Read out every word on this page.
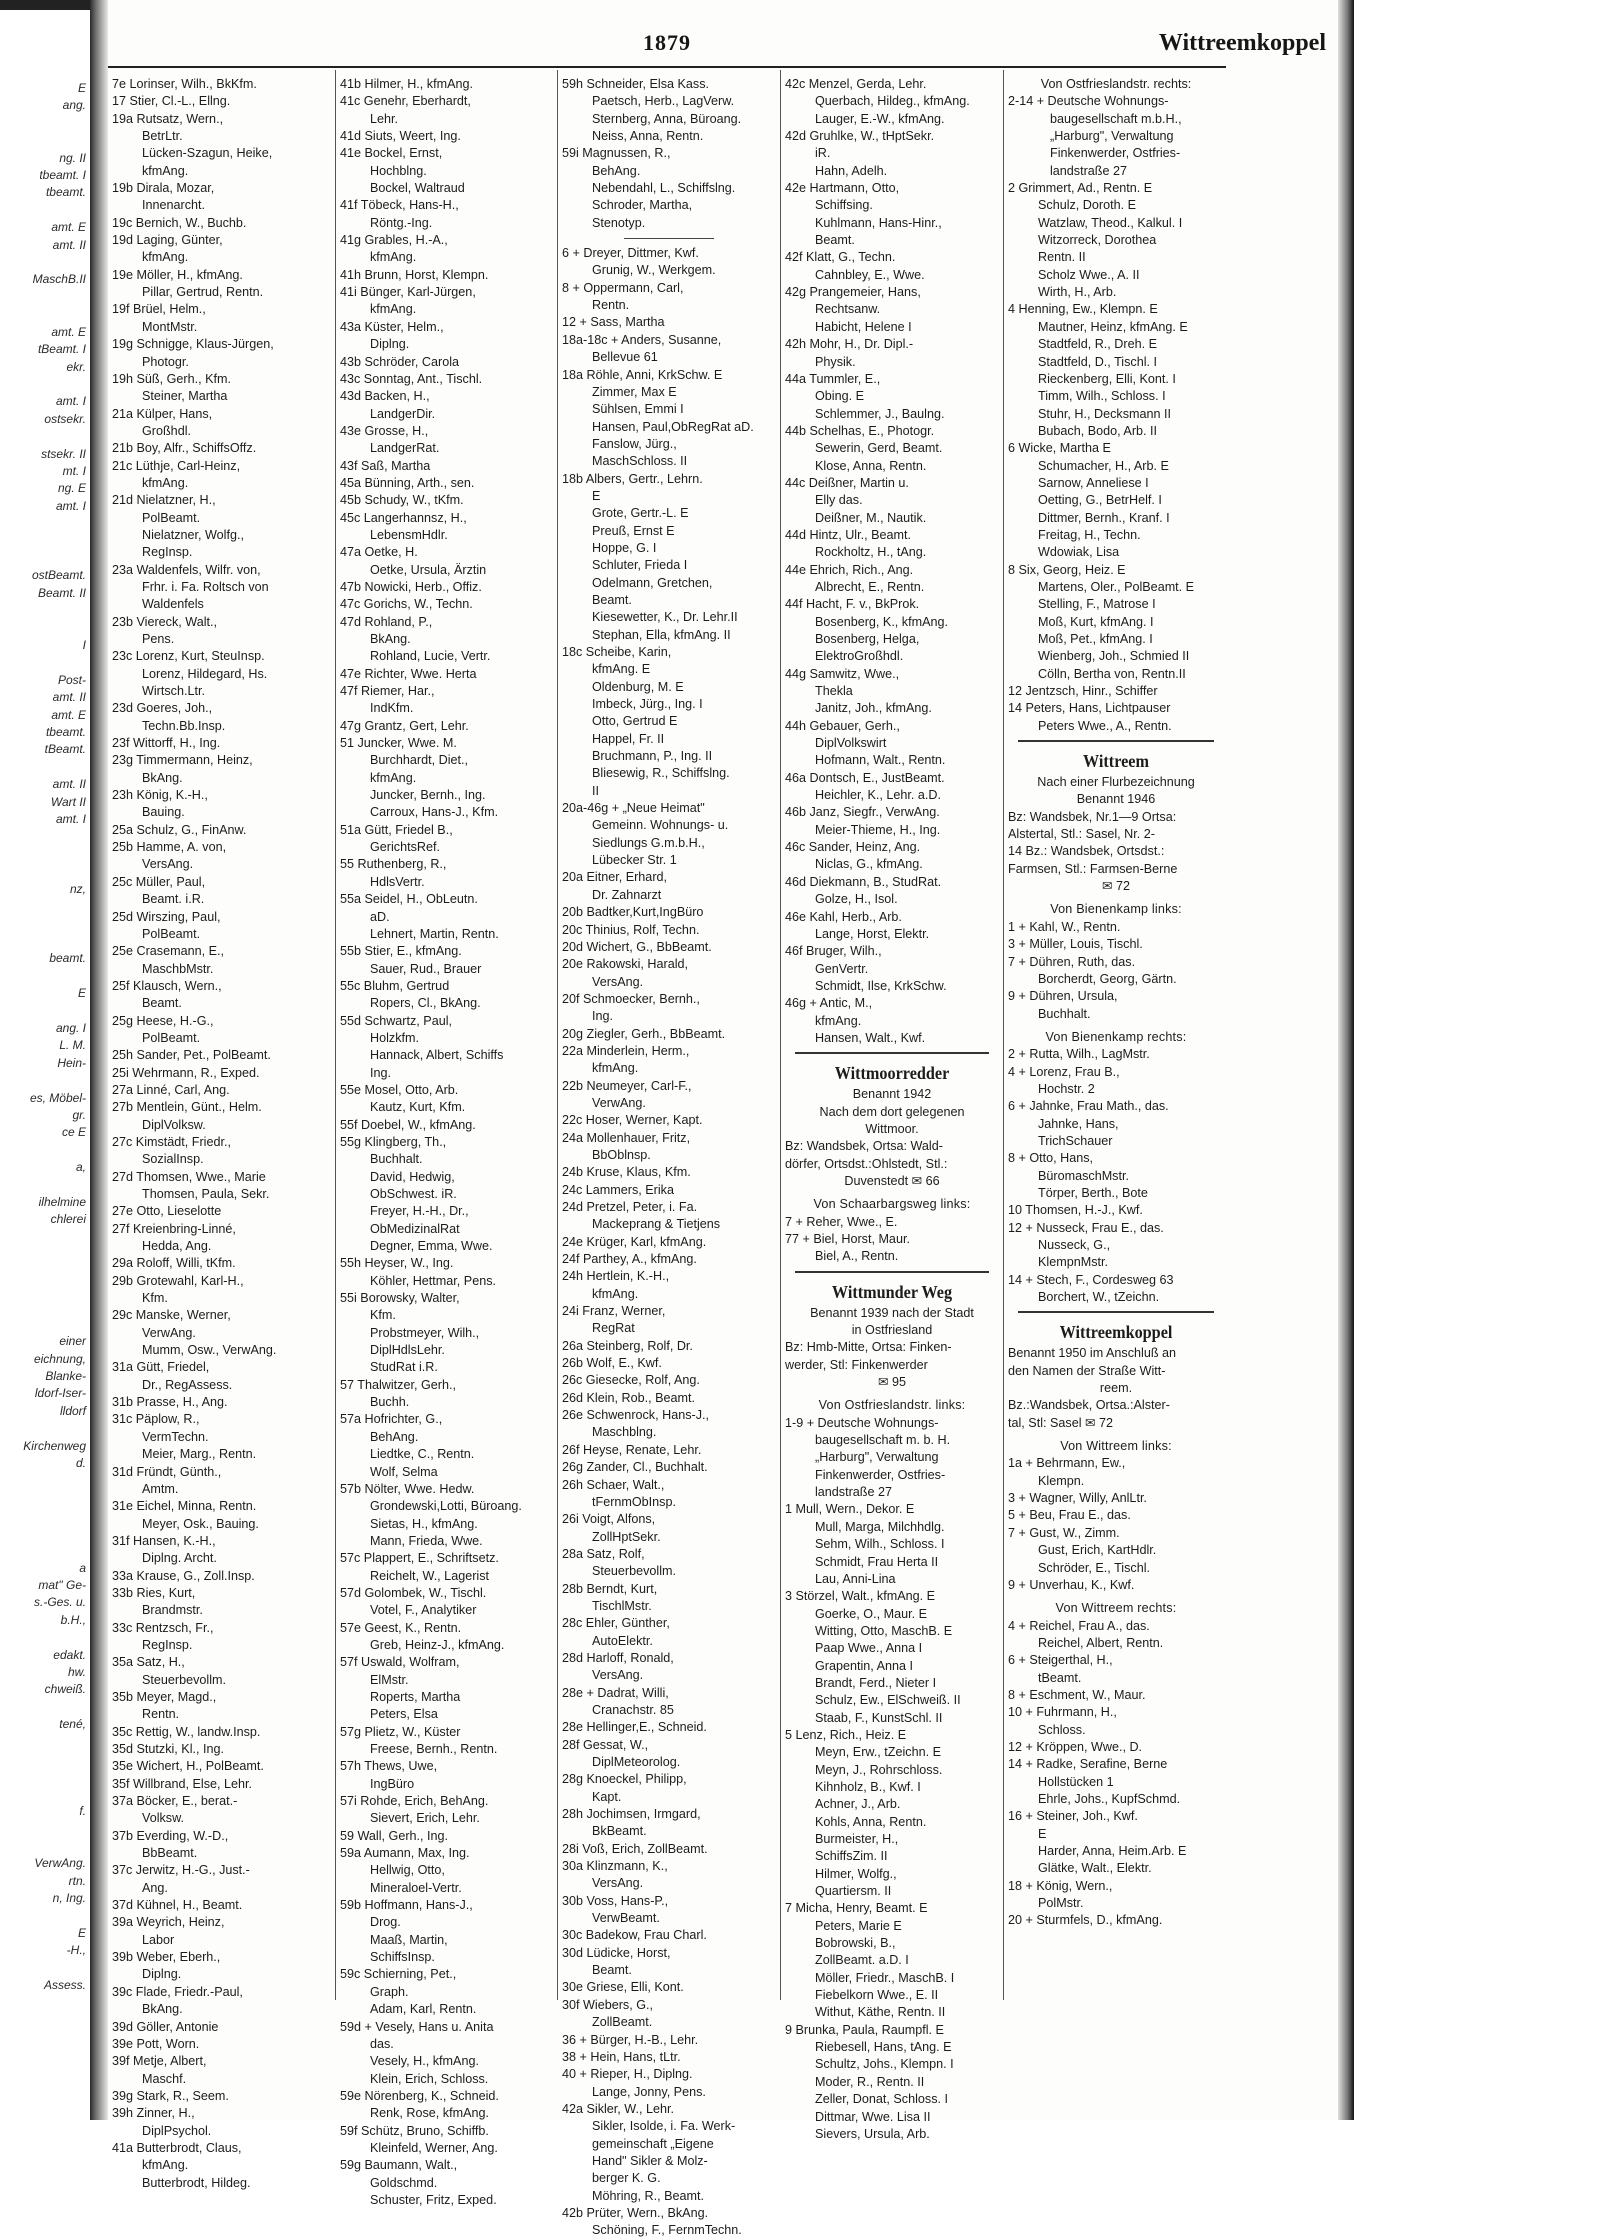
E
ang.

ng. II
tbeamt. I
tbeamt.

amt. E
amt. II

MaschB.II

amt. E
tBeamt. I
ekr.

amt. I
ostsekr.

stsekr. II
mt. I
ng. E
amt. I

ostBeamt.
Beamt. II

I

Post-
amt. II
amt. E
tbeamt.
tBeamt.

amt. II
Wart II
amt. I

nz,

beamt.

E

ang. I
L. M.
Hein-

es, Möbel-
gr.
ce E

a,

ilhelmine
chlerei

einer
eichnung,
Blanke-
ldorf-Iser-
lldorf

Kirchenweg
d.

a
mat" Ge-
s.-Ges. u.
b.H.,

edakt.
hw.
chweiß.

tené,

f.

VerwAng.
rtn.
n, Ing.

E
-H.,

Assess.
1879	Wittreemkoppel
7e Lorinser, Wilh., BkKfm.
17 Stier, Cl.-L., Ellng.
19a Rutsatz, Wern.,
BetrLtr.
Lücken-Szagun, Heike,
kfmAng.
19b Dirala, Mozar,
Innenarcht.
19c Bernich, W., Buchb.
19d Laging, Günter,
kfmAng.
19e Möller, H., kfmAng.
Pillar, Gertrud, Rentn.
19f Brüel, Helm.,
MontMstr.
19g Schnigge, Klaus-Jürgen,
Photogr.
19h Süß, Gerh., Kfm.
Steiner, Martha
21a Külper, Hans,
Großhdl.
21b Boy, Alfr., SchiffsOffz.
21c Lüthje, Carl-Heinz,
kfmAng.
21d Nielatzner, H.,
PolBeamt.
Nielatzner, Wolfg.,
RegInsp.
23a Waldenfels, Wilfr. von,
Frhr. i. Fa. Roltsch von
Waldenfels
23b Viereck, Walt.,
Pens.
23c Lorenz, Kurt, SteuInsp.
Lorenz, Hildegard, Hs.
Wirtsch.Ltr.
23d Goeres, Joh.,
Techn.Bb.Insp.
23f Wittorff, H., Ing.
23g Timmermann, Heinz,
BkAng.
23h König, K.-H.,
Bauing.
25a Schulz, G., FinAnw.
25b Hamme, A. von,
VersAng.
25c Müller, Paul,
Beamt. i.R.
25d Wirszing, Paul,
PolBeamt.
25e Crasemann, E.,
MaschbMstr.
25f Klausch, Wern.,
Beamt.
25g Heese, H.-G.,
PolBeamt.
25h Sander, Pet., PolBeamt.
25i Wehrmann, R., Exped.
27a Linné, Carl, Ang.
27b Mentlein, Günt., Helm.
DiplVolksw.
27c Kimstädt, Friedr.,
SozialInsp.
27d Thomsen, Wwe., Marie
Thomsen, Paula, Sekr.
27e Otto, Lieselotte
27f Kreienbring-Linné,
Hedda, Ang.
29a Roloff, Willi, tKfm.
29b Grotewahl, Karl-H.,
Kfm.
29c Manske, Werner,
VerwAng.
Mumm, Osw., VerwAng.
31a Gütt, Friedel,
Dr., RegAssess.
31b Prasse, H., Ang.
31c Päplow, R.,
VermTechn.
Meier, Marg., Rentn.
31d Fründt, Günth.,
Amtm.
31e Eichel, Minna, Rentn.
Meyer, Osk., Bauing.
31f Hansen, K.-H.,
Diplng. Archt.
33a Krause, G., Zoll.Insp.
33b Ries, Kurt,
Brandmstr.
33c Rentzsch, Fr.,
RegInsp.
35a Satz, H.,
Steuerbevollm.
35b Meyer, Magd.,
Rentn.
35c Rettig, W., landw.Insp.
35d Stutzki, Kl., Ing.
35e Wichert, H., PolBeamt.
35f Willbrand, Else, Lehr.
37a Böcker, E., berat.-
Volksw.
37b Everding, W.-D.,
BbBeamt.
37c Jerwitz, H.-G., Just.-
Ang.
37d Kühnel, H., Beamt.
39a Weyrich, Heinz,
Labor
39b Weber, Eberh.,
Diplng.
39c Flade, Friedr.-Paul,
BkAng.
39d Göller, Antonie
39e Pott, Worn.
39f Metje, Albert,
Maschf.
39g Stark, R., Seem.
39h Zinner, H.,
DiplPsychol.
41a Butterbrodt, Claus,
kfmAng.
Butterbrodt, Hildeg.
41b Hilmer, H., kfmAng.
41c Genehr, Eberhardt,
Lehr.
41d Siuts, Weert, Ing.
41e Bockel, Ernst,
Hochblng.
Bockel, Waltraud
41f Töbeck, Hans-H.,
Röntg.-Ing.
41g Grables, H.-A.,
kfmAng.
41h Brunn, Horst, Klempn.
41i Bünger, Karl-Jürgen,
kfmAng.
43a Küster, Helm.,
Diplng.
43b Schröder, Carola
43c Sonntag, Ant., Tischl.
43d Backen, H.,
LandgerDir.
43e Grosse, H.,
LandgerRat.
43f Saß, Martha
45a Bünning, Arth., sen.
45b Schudy, W., tKfm.
45c Langerhannsz, H.,
LebensmHdlr.
47a Oetke, H.
Oetke, Ursula, Ärztin
47b Nowicki, Herb., Offiz.
47c Gorichs, W., Techn.
47d Rohland, P.,
BkAng.
Rohland, Lucie, Vertr.
47e Richter, Wwe. Herta
47f Riemer, Har.,
IndKfm.
47g Grantz, Gert, Lehr.
51 Juncker, Wwe. M.
Burchhardt, Diet.,
kfmAng.
Juncker, Bernh., Ing.
Carroux, Hans-J., Kfm.
51a Gütt, Friedel B.,
GerichtsRef.
55 Ruthenberg, R.,
HdlsVertr.
55a Seidel, H., ObLeutn.
aD.
Lehnert, Martin, Rentn.
55b Stier, E., kfmAng.
Sauer, Rud., Brauer
55c Bluhm, Gertrud
Ropers, Cl., BkAng.
55d Schwartz, Paul,
Holzkfm.
Hannack, Albert, Schiffs
Ing.
55e Mosel, Otto, Arb.
Kautz, Kurt, Kfm.
55f Doebel, W., kfmAng.
55g Klingberg, Th.,
Buchhalt.
David, Hedwig,
ObSchwest. iR.
Freyer, H.-H., Dr.,
ObMedizinalRat
Degner, Emma, Wwe.
55h Heyser, W., Ing.
Köhler, Hettmar, Pens.
55i Borowsky, Walter,
Kfm.
Probstmeyer, Wilh.,
DiplHdlsLehr.
StudRat i.R.
57 Thalwitzer, Gerh.,
Buchh.
57a Hofrichter, G.,
BehAng.
Liedtke, C., Rentn.
Wolf, Selma
57b Nölter, Wwe. Hedw.
Grondewski,Lotti, Büroang.
Sietas, H., kfmAng.
Mann, Frieda, Wwe.
57c Plappert, E., Schriftsetz.
Reichelt, W., Lagerist
57d Golombek, W., Tischl.
Votel, F., Analytiker
57e Geest, K., Rentn.
Greb, Heinz-J., kfmAng.
57f Uswald, Wolfram,
ElMstr.
Roperts, Martha
Peters, Elsa
57g Plietz, W., Küster
Freese, Bernh., Rentn.
57h Thews, Uwe,
IngBüro
57i Rohde, Erich, BehAng.
Sievert, Erich, Lehr.
59 Wall, Gerh., Ing.
59a Aumann, Max, Ing.
Hellwig, Otto,
Mineraloel-Vertr.
59b Hoffmann, Hans-J.,
Drog.
Maaß, Martin,
SchiffsInsp.
59c Schierning, Pet.,
Graph.
Adam, Karl, Rentn.
59d + Vesely, Hans u. Anita
das.
Vesely, H., kfmAng.
Klein, Erich, Schloss.
59e Nörenberg, K., Schneid.
Renk, Rose, kfmAng.
59f Schütz, Bruno, Schiffb.
Kleinfeld, Werner, Ang.
59g Baumann, Walt.,
Goldschmd.
Schuster, Fritz, Exped.
59h Schneider, Elsa Kass.
Paetsch, Herb., LagVerw.
Sternberg, Anna, Büroang.
Neiss, Anna, Rentn.
59i Magnussen, R.,
BehAng.
Nebendahl, L., Schiffslng.
Schroder, Martha,
Stenotyp.
6 + Dreyer, Dittmer, Kwf.
Grunig, W., Werkgem.
8 + Oppermann, Carl,
Rentn.
12 + Sass, Martha
18a-18c + Anders, Susanne,
Bellevue 61
18a Röhle, Anni, KrkSchw. E
Zimmer, Max E
Sühlsen, Emmi I
Hansen, Paul,ObRegRat aD.
Fanslow, Jürg.,
MaschSchloss. II
18b Albers, Gertr., Lehrn.
E
Grote, Gertr.-L. E
Preuß, Ernst E
Hoppe, G. I
Schluter, Frieda I
Odelmann, Gretchen,
Beamt.
Kiesewetter, K., Dr. Lehr.II
Stephan, Ella, kfmAng. II
18c Scheibe, Karin,
kfmAng. E
Oldenburg, M. E
Imbeck, Jürg., Ing. I
Otto, Gertrud E
Happel, Fr. II
Bruchmann, P., Ing. II
Bliesewig, R., Schiffslng.
II
20a-46g + „Neue Heimat"
Gemeinn. Wohnungs- u.
Siedlungs G.m.b.H.,
Lübecker Str. 1
20a Eitner, Erhard,
Dr. Zahnarzt
20b Badtker,Kurt,IngBüro
20c Thinius, Rolf, Techn.
20d Wichert, G., BbBeamt.
20e Rakowski, Harald,
VersAng.
20f Schmoecker, Bernh.,
Ing.
20g Ziegler, Gerh., BbBeamt.
22a Minderlein, Herm.,
kfmAng.
22b Neumeyer, Carl-F.,
VerwAng.
22c Hoser, Werner, Kapt.
24a Mollenhauer, Fritz,
BbOblnsp.
24b Kruse, Klaus, Kfm.
24c Lammers, Erika
24d Pretzel, Peter, i. Fa.
Mackeprang & Tietjens
24e Krüger, Karl, kfmAng.
24f Parthey, A., kfmAng.
24h Hertlein, K.-H.,
kfmAng.
24i Franz, Werner,
RegRat
26a Steinberg, Rolf, Dr.
26b Wolf, E., Kwf.
26c Giesecke, Rolf, Ang.
26d Klein, Rob., Beamt.
26e Schwenrock, Hans-J.,
Maschblng.
26f Heyse, Renate, Lehr.
26g Zander, Cl., Buchhalt.
26h Schaer, Walt.,
tFernmObInsp.
26i Voigt, Alfons,
ZollHptSekr.
28a Satz, Rolf,
Steuerbevollm.
28b Berndt, Kurt,
TischlMstr.
28c Ehler, Günther,
AutoElektr.
28d Harloff, Ronald,
VersAng.
28e + Dadrat, Willi,
Cranachstr. 85
28e Hellinger,E., Schneid.
28f Gessat, W.,
DiplMeteorolog.
28g Knoeckel, Philipp,
Kapt.
28h Jochimsen, Irmgard,
BkBeamt.
28i Voß, Erich, ZollBeamt.
30a Klinzmann, K.,
VersAng.
30b Voss, Hans-P.,
VerwBeamt.
30c Badekow, Frau Charl.
30d Lüdicke, Horst,
Beamt.
30e Griese, Elli, Kont.
30f Wiebers, G.,
ZollBeamt.
36 + Bürger, H.-B., Lehr.
38 + Hein, Hans, tLtr.
40 + Rieper, H., Diplng.
Lange, Jonny, Pens.
42a Sikler, W., Lehr.
Sikler, Isolde, i. Fa. Werk-
gemeinschaft „Eigene
Hand" Sikler & Molz-
berger K. G.
Möhring, R., Beamt.
42b Prüter, Wern., BkAng.
Schöning, F., FernmTechn.
42c Menzel, Gerda, Lehr.
Querbach, Hildeg., kfmAng.
Lauger, E.-W., kfmAng.
42d Gruhlke, W., tHptSekr.
iR.
Hahn, Adelh.
42e Hartmann, Otto,
Schiffsing.
Kuhlmann, Hans-Hinr.,
Beamt.
42f Klatt, G., Techn.
Cahnbley, E., Wwe.
42g Prangemeier, Hans,
Rechtsanw.
Habicht, Helene I
42h Mohr, H., Dr. Dipl.-
Physik.
44a Tummler, E.,
Obing. E
Schlemmer, J., Baulng.
44b Schelhas, E., Photogr.
Sewerin, Gerd, Beamt.
Klose, Anna, Rentn.
44c Deißner, Martin u.
Elly das.
Deißner, M., Nautik.
44d Hintz, Ulr., Beamt.
Rockholtz, H., tAng.
44e Ehrich, Rich., Ang.
Albrecht, E., Rentn.
44f Hacht, F. v., BkProk.
Bosenberg, K., kfmAng.
Bosenberg, Helga,
ElektroGroßhdl.
44g Samwitz, Wwe.,
Thekla
Janitz, Joh., kfmAng.
44h Gebauer, Gerh.,
DiplVolkswirt
Hofmann, Walt., Rentn.
46a Dontsch, E., JustBeamt.
Heichler, K., Lehr. a.D.
46b Janz, Siegfr., VerwAng.
Meier-Thieme, H., Ing.
46c Sander, Heinz, Ang.
Niclas, G., kfmAng.
46d Diekmann, B., StudRat.
Golze, H., Isol.
46e Kahl, Herb., Arb.
Lange, Horst, Elektr.
46f Bruger, Wilh.,
GenVertr.
Schmidt, Ilse, KrkSchw.
46g + Antic, M.,
kfmAng.
Hansen, Walt., Kwf.
Wittmoorredder
Benannt 1942
Nach dem dort gelegenen
Wittmoor.
Bz: Wandsbek, Ortsa: Wald-
dörfer, Ortsdst.:Ohlstedt, Stl.:
Duvenstedt ✉ 66
Von Schaarbargsweg links:
7 + Reher, Wwe., E.
77 + Biel, Horst, Maur.
Biel, A., Rentn.
Wittmunder Weg
Benannt 1939 nach der Stadt
in Ostfriesland
Bz: Hmb-Mitte, Ortsa: Finken-
werder, Stl: Finkenwerder
✉ 95
Von Ostfrieslandstr. links:
1-9 + Deutsche Wohnungs-
baugesellschaft m. b. H.
„Harburg", Verwaltung
Finkenwerder, Ostfries-
landstraße 27
1 Mull, Wern., Dekor. E
Mull, Marga, Milchhdlg.
Sehm, Wilh., Schloss. I
Schmidt, Frau Herta II
Lau, Anni-Lina
3 Störzel, Walt., kfmAng. E
Goerke, O., Maur. E
Witting, Otto, MaschB. E
Paap Wwe., Anna I
Grapentin, Anna I
Brandt, Ferd., Nieter I
Schulz, Ew., ElSchweiß. II
Staab, F., KunstSchl. II
5 Lenz, Rich., Heiz. E
Meyn, Erw., tZeichn. E
Meyn, J., Rohrschloss.
Kihnholz, B., Kwf. I
Achner, J., Arb.
Kohls, Anna, Rentn.
Burmeister, H.,
SchiffsZim. II
Hilmer, Wolfg.,
Quartiersm. II
7 Micha, Henry, Beamt. E
Peters, Marie E
Bobrowski, B.,
ZollBeamt. a.D. I
Möller, Friedr., MaschB. I
Fiebelkorn Wwe., E. II
Withut, Käthe, Rentn. II
9 Brunka, Paula, Raumpfl. E
Riebesell, Hans, tAng. E
Schultz, Johs., Klempn. I
Moder, R., Rentn. II
Zeller, Donat, Schloss. I
Dittmar, Wwe. Lisa II
Sievers, Ursula, Arb.
Von Ostfrieslandstr. rechts:
2-14 + Deutsche Wohnungs-
baugesellschaft m.b.H.,
„Harburg", Verwaltung
Finkenwerder, Ostfries-
landstraße 27
2 Grimmert, Ad., Rentn. E
Schulz, Doroth. E
Watzlaw, Theod., Kalkul. I
Witzorreck, Dorothea
Rentn. II
Scholz Wwe., A. II
Wirth, H., Arb.
4 Henning, Ew., Klempn. E
Mautner, Heinz, kfmAng. E
Stadtfeld, R., Dreh. E
Stadtfeld, D., Tischl. I
Rieckenberg, Elli, Kont. I
Timm, Wilh., Schloss. I
Stuhr, H., Decksmann II
Bubach, Bodo, Arb. II
6 Wicke, Martha E
Schumacher, H., Arb. E
Sarnow, Anneliese I
Oetting, G., BetrHelf. I
Dittmer, Bernh., Kranf. I
Freitag, H., Techn.
Wdowiak, Lisa
8 Six, Georg, Heiz. E
Martens, Oler., PolBeamt. E
Stelling, F., Matrose I
Moß, Kurt, kfmAng. I
Moß, Pet., kfmAng. I
Wienberg, Joh., Schmied II
Cölln, Bertha von, Rentn.II
12 Jentzsch, Hinr., Schiffer
14 Peters, Hans, Lichtpauser
Peters Wwe., A., Rentn.
Wittreem
Nach einer Flurbezeichnung
Benannt 1946
Bz: Wandsbek, Nr.1—9 Ortsa:
Alstertal, Stl.: Sasel, Nr. 2-
14 Bz.: Wandsbek, Ortsdst.:
Farmsen, Stl.: Farmsen-Berne
✉ 72
Von Bienenkamp links:
1 + Kahl, W., Rentn.
3 + Müller, Louis, Tischl.
7 + Dühren, Ruth, das.
Borcherdt, Georg, Gärtn.
9 + Dühren, Ursula,
Buchhalt.
Von Bienenkamp rechts:
2 + Rutta, Wilh., LagMstr.
4 + Lorenz, Frau B.,
Hochstr. 2
6 + Jahnke, Frau Math., das.
Jahnke, Hans,
TrichSchauer
8 + Otto, Hans,
BüromaschMstr.
Törper, Berth., Bote
10 Thomsen, H.-J., Kwf.
12 + Nusseck, Frau E., das.
Nusseck, G.,
KlempnMstr.
14 + Stech, F., Cordesweg 63
Borchert, W., tZeichn.
Wittreemkoppel
Benannt 1950 im Anschluß an
den Namen der Straße Witt-
reem.
Bz.:Wandsbek, Ortsa.:Alster-
tal, Stl: Sasel ✉ 72
Von Wittreem links:
1a + Behrmann, Ew.,
Klempn.
3 + Wagner, Willy, AnlLtr.
5 + Beu, Frau E., das.
7 + Gust, W., Zimm.
Gust, Erich, KartHdlr.
Schröder, E., Tischl.
9 + Unverhau, K., Kwf.
Von Wittreem rechts:
4 + Reichel, Frau A., das.
Reichel, Albert, Rentn.
6 + Steigerthal, H.,
tBeamt.
8 + Eschment, W., Maur.
10 + Fuhrmann, H.,
Schloss.
12 + Kröppen, Wwe., D.
14 + Radke, Serafine, Berne
Hollstücken 1
Ehrle, Johs., KupfSchmd.
16 + Steiner, Joh., Kwf.
E
Harder, Anna, Heim.Arb. E
Glätke, Walt., Elektr.
18 + König, Wern.,
PolMstr.
20 + Sturmfels, D., kfmAng.
